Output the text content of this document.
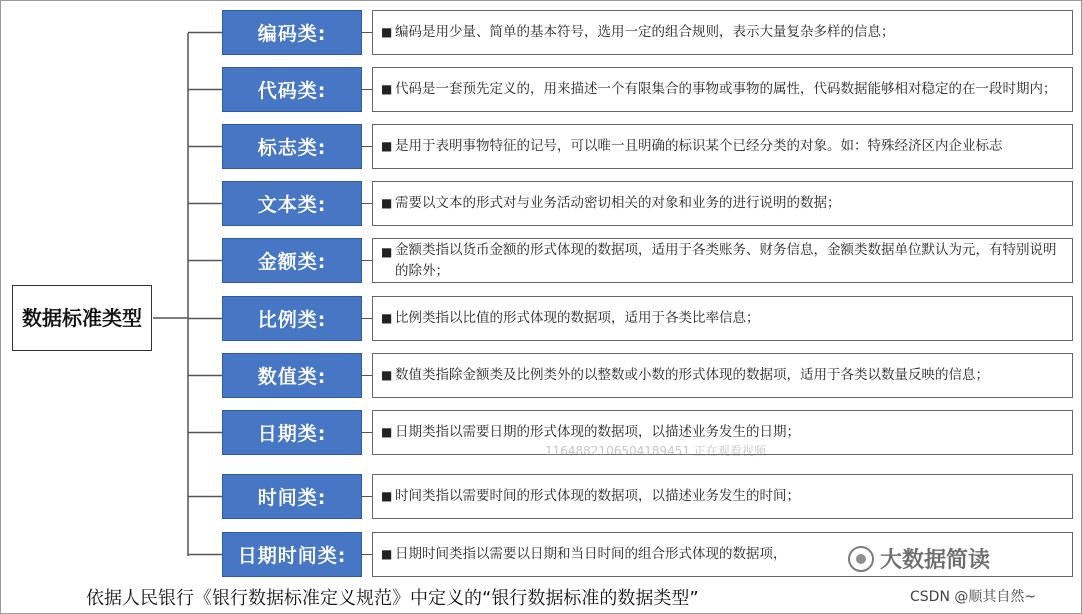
数据标准类型
编码类:	■ 编码是用少量、简单的基本符号，选用一定的组合规则，表示大量复杂多样的信息；
代码类:	■ 代码是一套预先定义的，用来描述一个有限集合的事物或事物的属性，代码数据能够相对稳定的在一段时期内；
标志类:	■ 是用于表明事物特征的记号，可以唯一且明确的标识某个已经分类的对象。如：特殊经济区内企业标志
文本类:	■ 需要以文本的形式对与业务活动密切相关的对象和业务的进行说明的数据；
金额类:	■ 金额类指以货币金额的形式体现的数据项，适用于各类账务、财务信息，金额类数据单位默认为元，有特别说明的除外；
比例类:	■ 比例类指以比值的形式体现的数据项，适用于各类比率信息；
数值类:	■ 数值类指除金额类及比例类外的以整数或小数的形式体现的数据项，适用于各类以数量反映的信息；
日期类:	■ 日期类指以需要日期的形式体现的数据项，以描述业务发生的日期；
时间类:	■ 时间类指以需要时间的形式体现的数据项，以描述业务发生的时间；
日期时间类:	■ 日期时间类指以需要以日期和当日时间的组合形式体现的数据项，
1164882106504189451 正在观看视频
依据人民银行《银行数据标准定义规范》中定义的“银行数据标准的数据类型”
大数据简读
CSDN @顺其自然~
